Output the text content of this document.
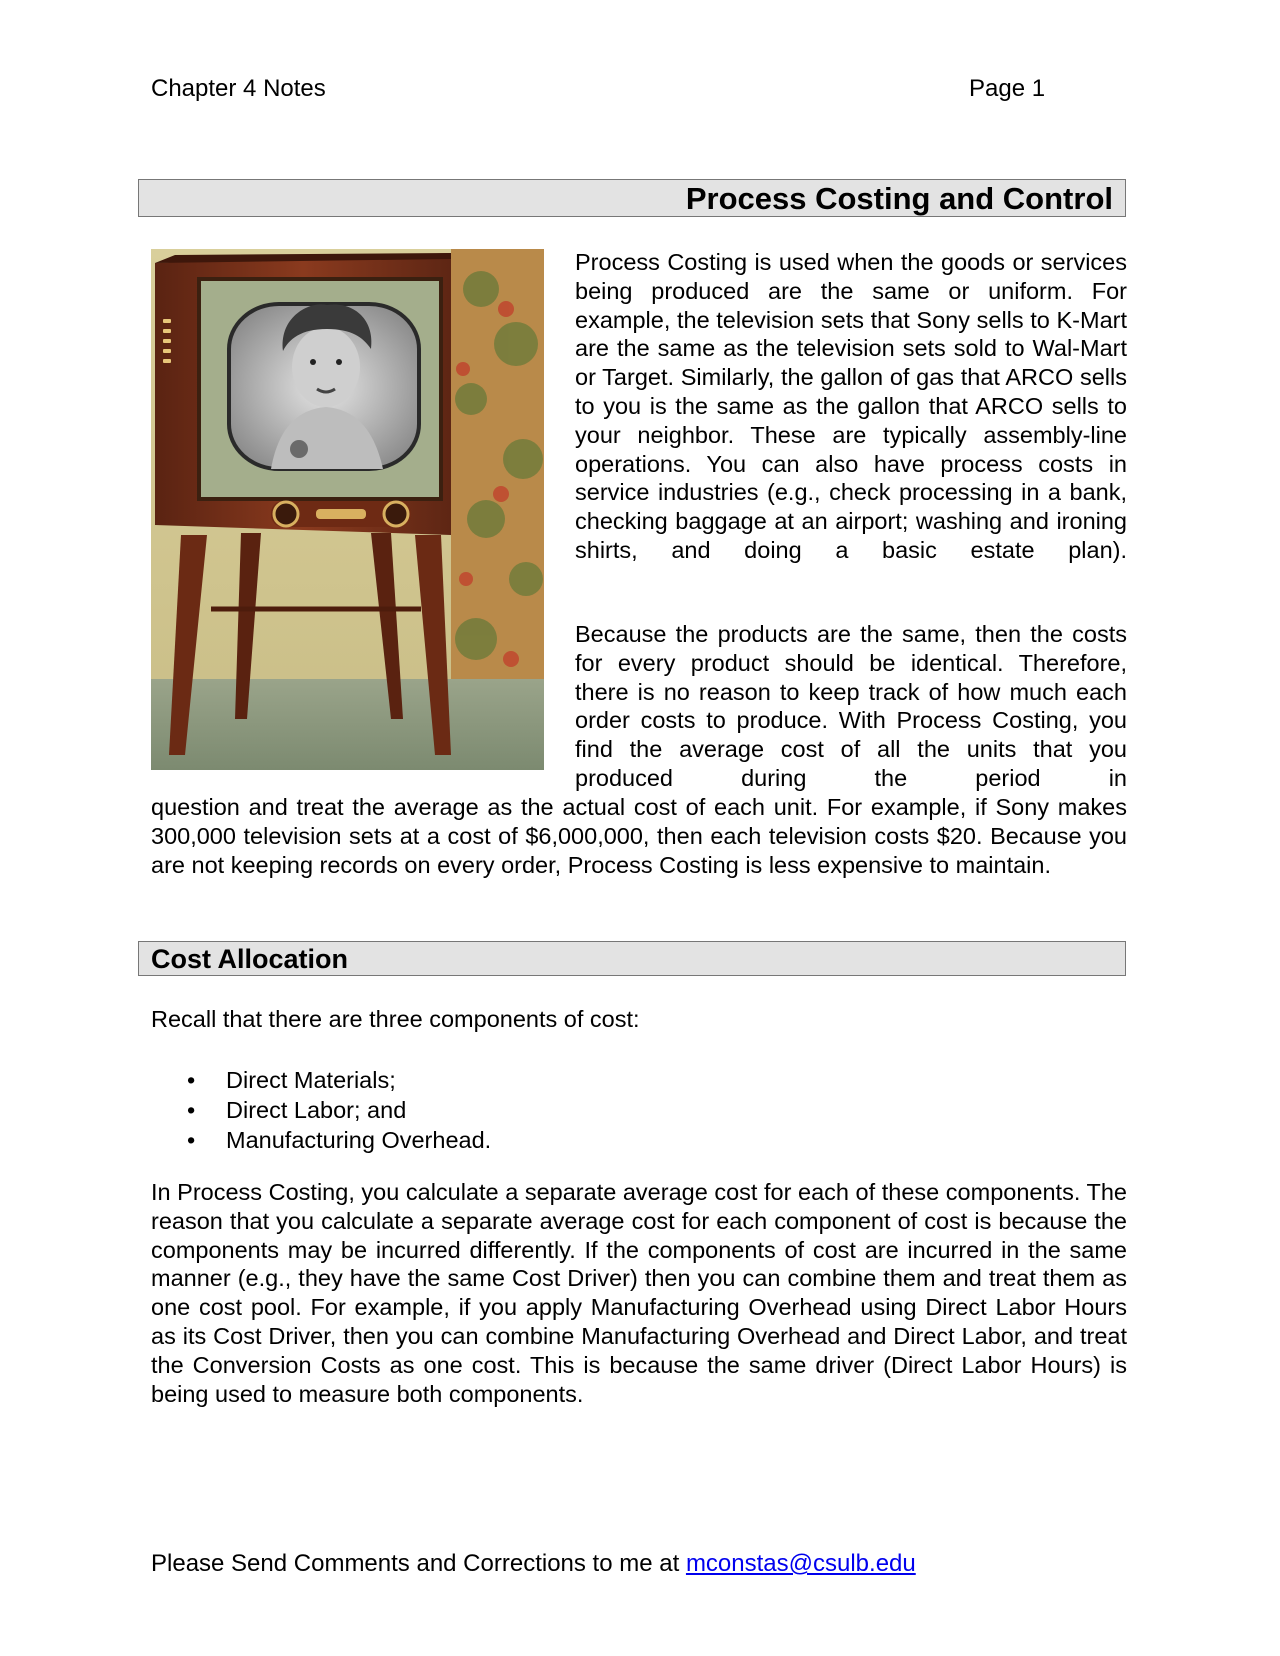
Chapter 4 Notes	Page 1
Process Costing and Control

Process Costing is used when the goods or services being produced are the same or uniform. For example, the television sets that Sony sells to K-Mart are the same as the television sets sold to Wal-Mart or Target. Similarly, the gallon of gas that ARCO sells to you is the same as the gallon that ARCO sells to your neighbor. These are typically assembly-line operations. You can also have process costs in service industries (e.g., check processing in a bank, checking baggage at an airport; washing and ironing shirts, and doing a basic estate plan).

Because the products are the same, then the costs for every product should be identical. Therefore, there is no reason to keep track of how much each order costs to produce. With Process Costing, you find the average cost of all the units that you produced during the period in

question and treat the average as the actual cost of each unit. For example, if Sony makes 300,000 television sets at a cost of $6,000,000, then each television costs $20. Because you are not keeping records on every order, Process Costing is less expensive to maintain.

Cost Allocation

Recall that there are three components of cost:

• Direct Materials;
• Direct Labor; and
• Manufacturing Overhead.

In Process Costing, you calculate a separate average cost for each of these components. The reason that you calculate a separate average cost for each component of cost is because the components may be incurred differently. If the components of cost are incurred in the same manner (e.g., they have the same Cost Driver) then you can combine them and treat them as one cost pool. For example, if you apply Manufacturing Overhead using Direct Labor Hours as its Cost Driver, then you can combine Manufacturing Overhead and Direct Labor, and treat the Conversion Costs as one cost. This is because the same driver (Direct Labor Hours) is being used to measure both components.

Please Send Comments and Corrections to me at mconstas@csulb.edu
